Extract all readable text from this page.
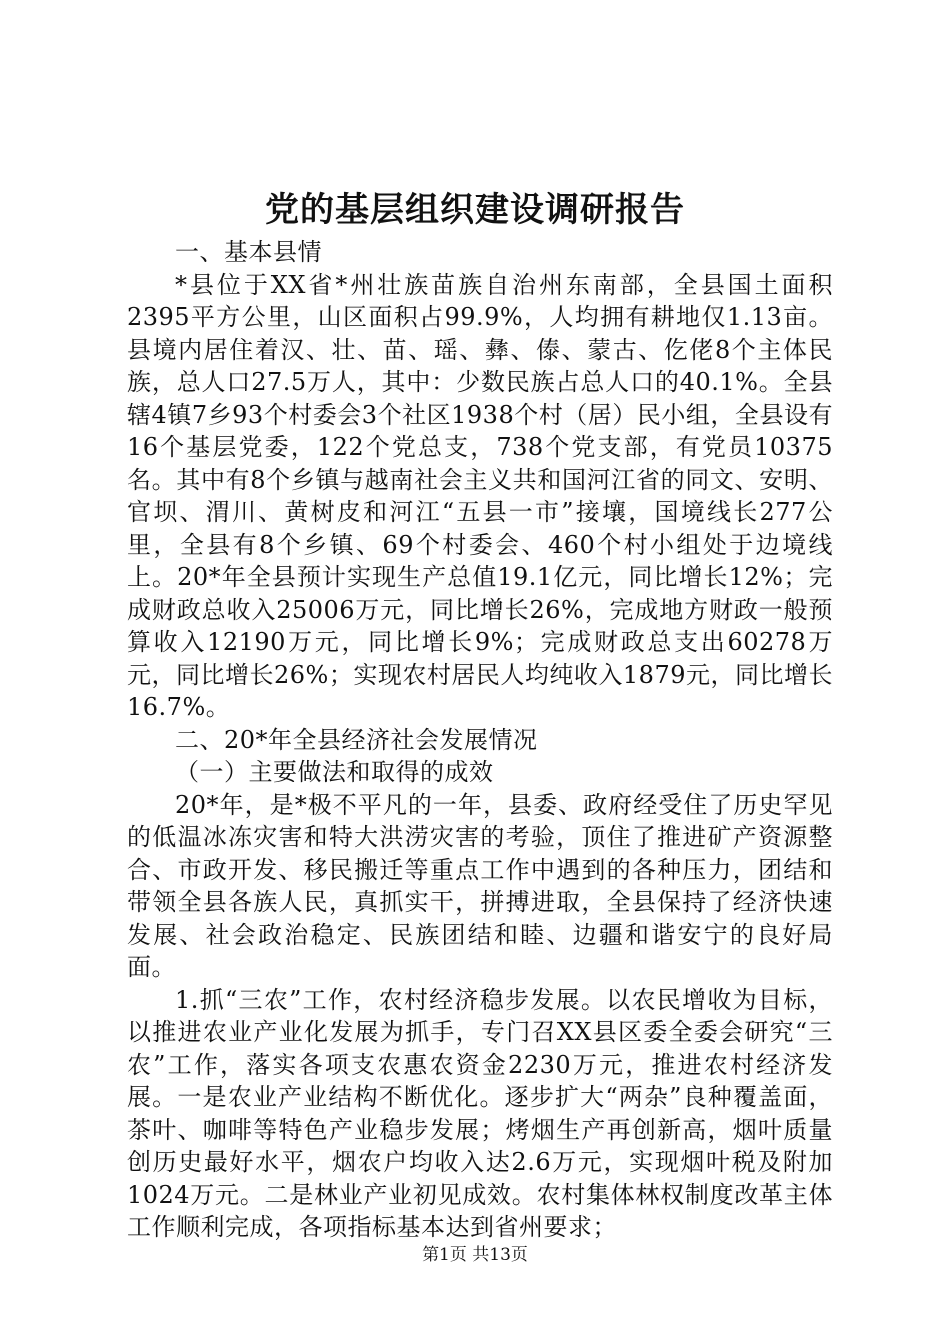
党的基层组织建设调研报告

一、基本县情

*县位于XX省*州壮族苗族自治州东南部，全县国土面积2395平方公里，山区面积占99.9%，人均拥有耕地仅1.13亩。县境内居住着汉、壮、苗、瑶、彝、傣、蒙古、仡佬8个主体民族，总人口27.5万人，其中：少数民族占总人口的40.1%。全县辖4镇7乡93个村委会3个社区1938个村（居）民小组，全县设有16个基层党委，122个党总支，738个党支部，有党员10375名。其中有8个乡镇与越南社会主义共和国河江省的同文、安明、官坝、渭川、黄树皮和河江“五县一市”接壤，国境线长277公里，全县有8个乡镇、69个村委会、460个村小组处于边境线上。20*年全县预计实现生产总值19.1亿元，同比增长12%；完成财政总收入25006万元，同比增长26%，完成地方财政一般预算收入12190万元，同比增长9%；完成财政总支出60278万元，同比增长26%；实现农村居民人均纯收入1879元，同比增长16.7%。

二、20*年全县经济社会发展情况

（一）主要做法和取得的成效

20*年，是*极不平凡的一年，县委、政府经受住了历史罕见的低温冰冻灾害和特大洪涝灾害的考验，顶住了推进矿产资源整合、市政开发、移民搬迁等重点工作中遇到的各种压力，团结和带领全县各族人民，真抓实干，拼搏进取，全县保持了经济快速发展、社会政治稳定、民族团结和睦、边疆和谐安宁的良好局面。

1.抓“三农”工作，农村经济稳步发展。以农民增收为目标，以推进农业产业化发展为抓手，专门召XX县区委全委会研究“三农”工作，落实各项支农惠农资金2230万元，推进农村经济发展。一是农业产业结构不断优化。逐步扩大“两杂”良种覆盖面，茶叶、咖啡等特色产业稳步发展；烤烟生产再创新高，烟叶质量创历史最好水平，烟农户均收入达2.6万元，实现烟叶税及附加1024万元。二是林业产业初见成效。农村集体林权制度改革主体工作顺利完成，各项指标基本达到省州要求；

第1页 共13页
